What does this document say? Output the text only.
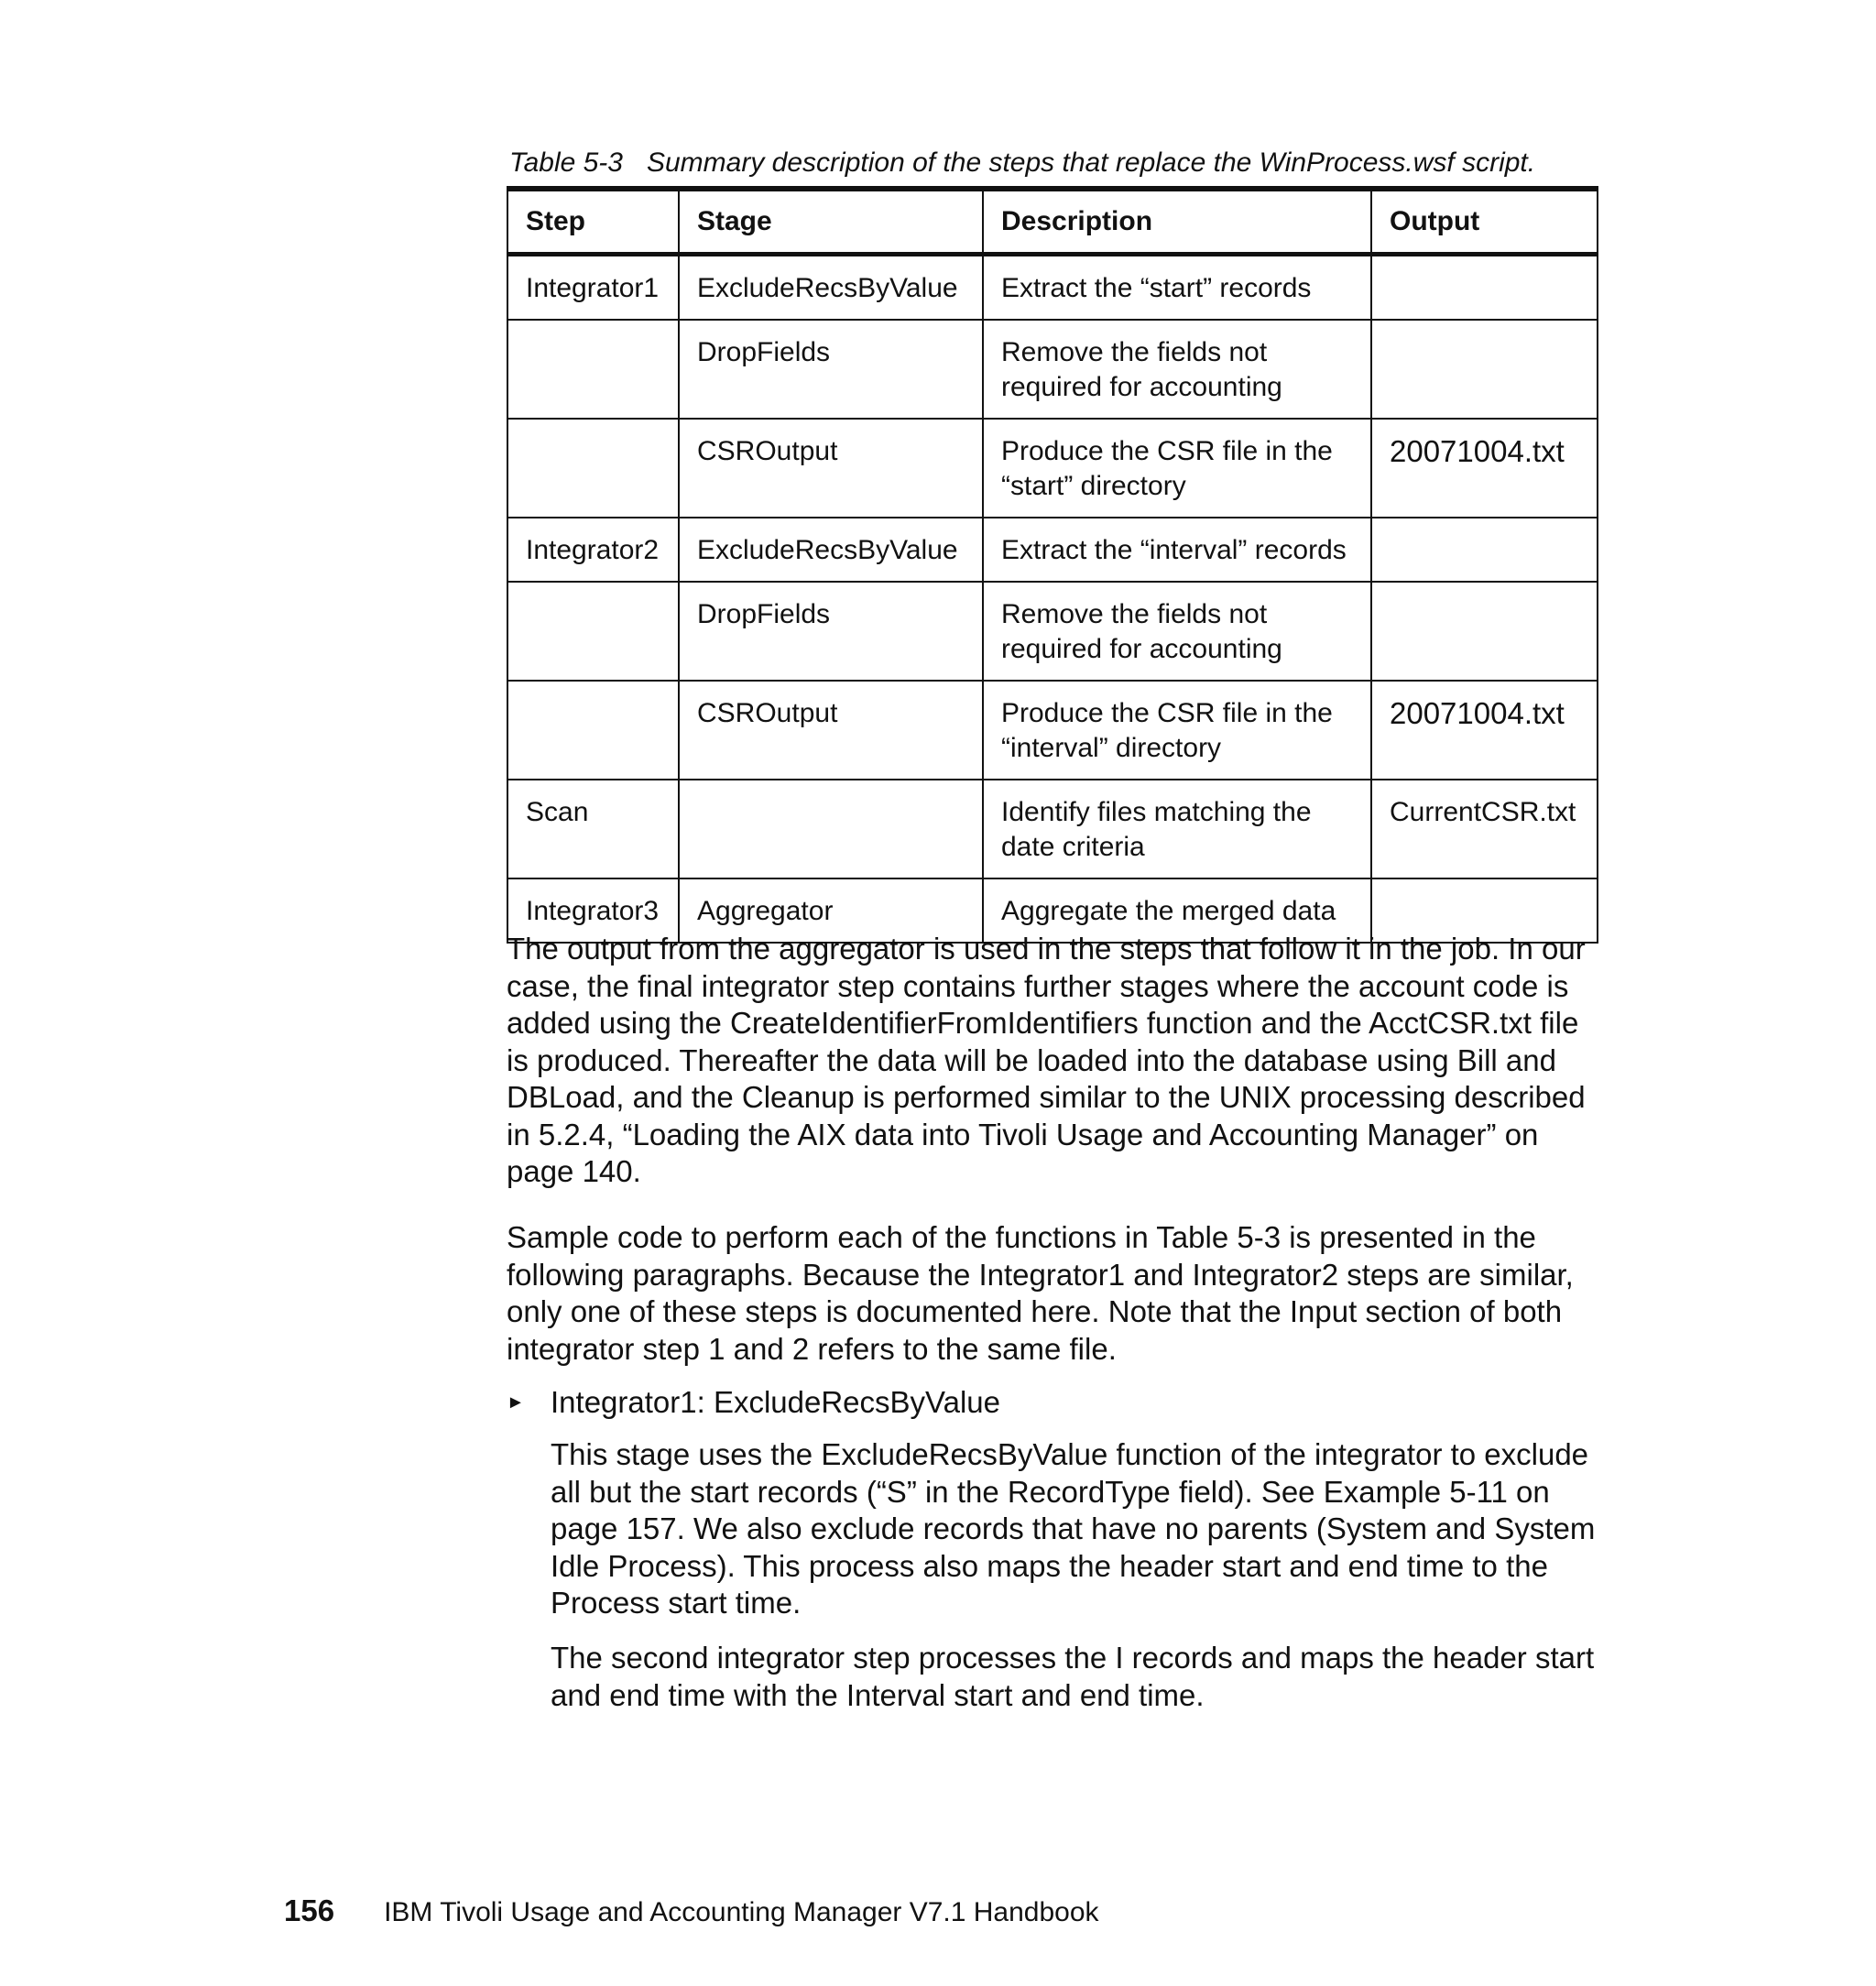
Table 5-3 Summary description of the steps that replace the WinProcess.wsf script.
Step	Stage	Description	Output
Integrator1	ExcludeRecsByValue	Extract the “start” records	
	DropFields	Remove the fields not required for accounting	
	CSROutput	Produce the CSR file in the “start” directory	20071004.txt
Integrator2	ExcludeRecsByValue	Extract the “interval” records	
	DropFields	Remove the fields not required for accounting	
	CSROutput	Produce the CSR file in the “interval” directory	20071004.txt
Scan		Identify files matching the date criteria	CurrentCSR.txt
Integrator3	Aggregator	Aggregate the merged data	

The output from the aggregator is used in the steps that follow it in the job. In our case, the final integrator step contains further stages where the account code is added using the CreateIdentifierFromIdentifiers function and the AcctCSR.txt file is produced. Thereafter the data will be loaded into the database using Bill and DBLoad, and the Cleanup is performed similar to the UNIX processing described in 5.2.4, “Loading the AIX data into Tivoli Usage and Accounting Manager” on page 140.

Sample code to perform each of the functions in Table 5-3 is presented in the following paragraphs. Because the Integrator1 and Integrator2 steps are similar, only one of these steps is documented here. Note that the Input section of both integrator step 1 and 2 refers to the same file.

► Integrator1: ExcludeRecsByValue

This stage uses the ExcludeRecsByValue function of the integrator to exclude all but the start records (“S” in the RecordType field). See Example 5-11 on page 157. We also exclude records that have no parents (System and System Idle Process). This process also maps the header start and end time to the Process start time.

The second integrator step processes the I records and maps the header start and end time with the Interval start and end time.

156 IBM Tivoli Usage and Accounting Manager V7.1 Handbook
